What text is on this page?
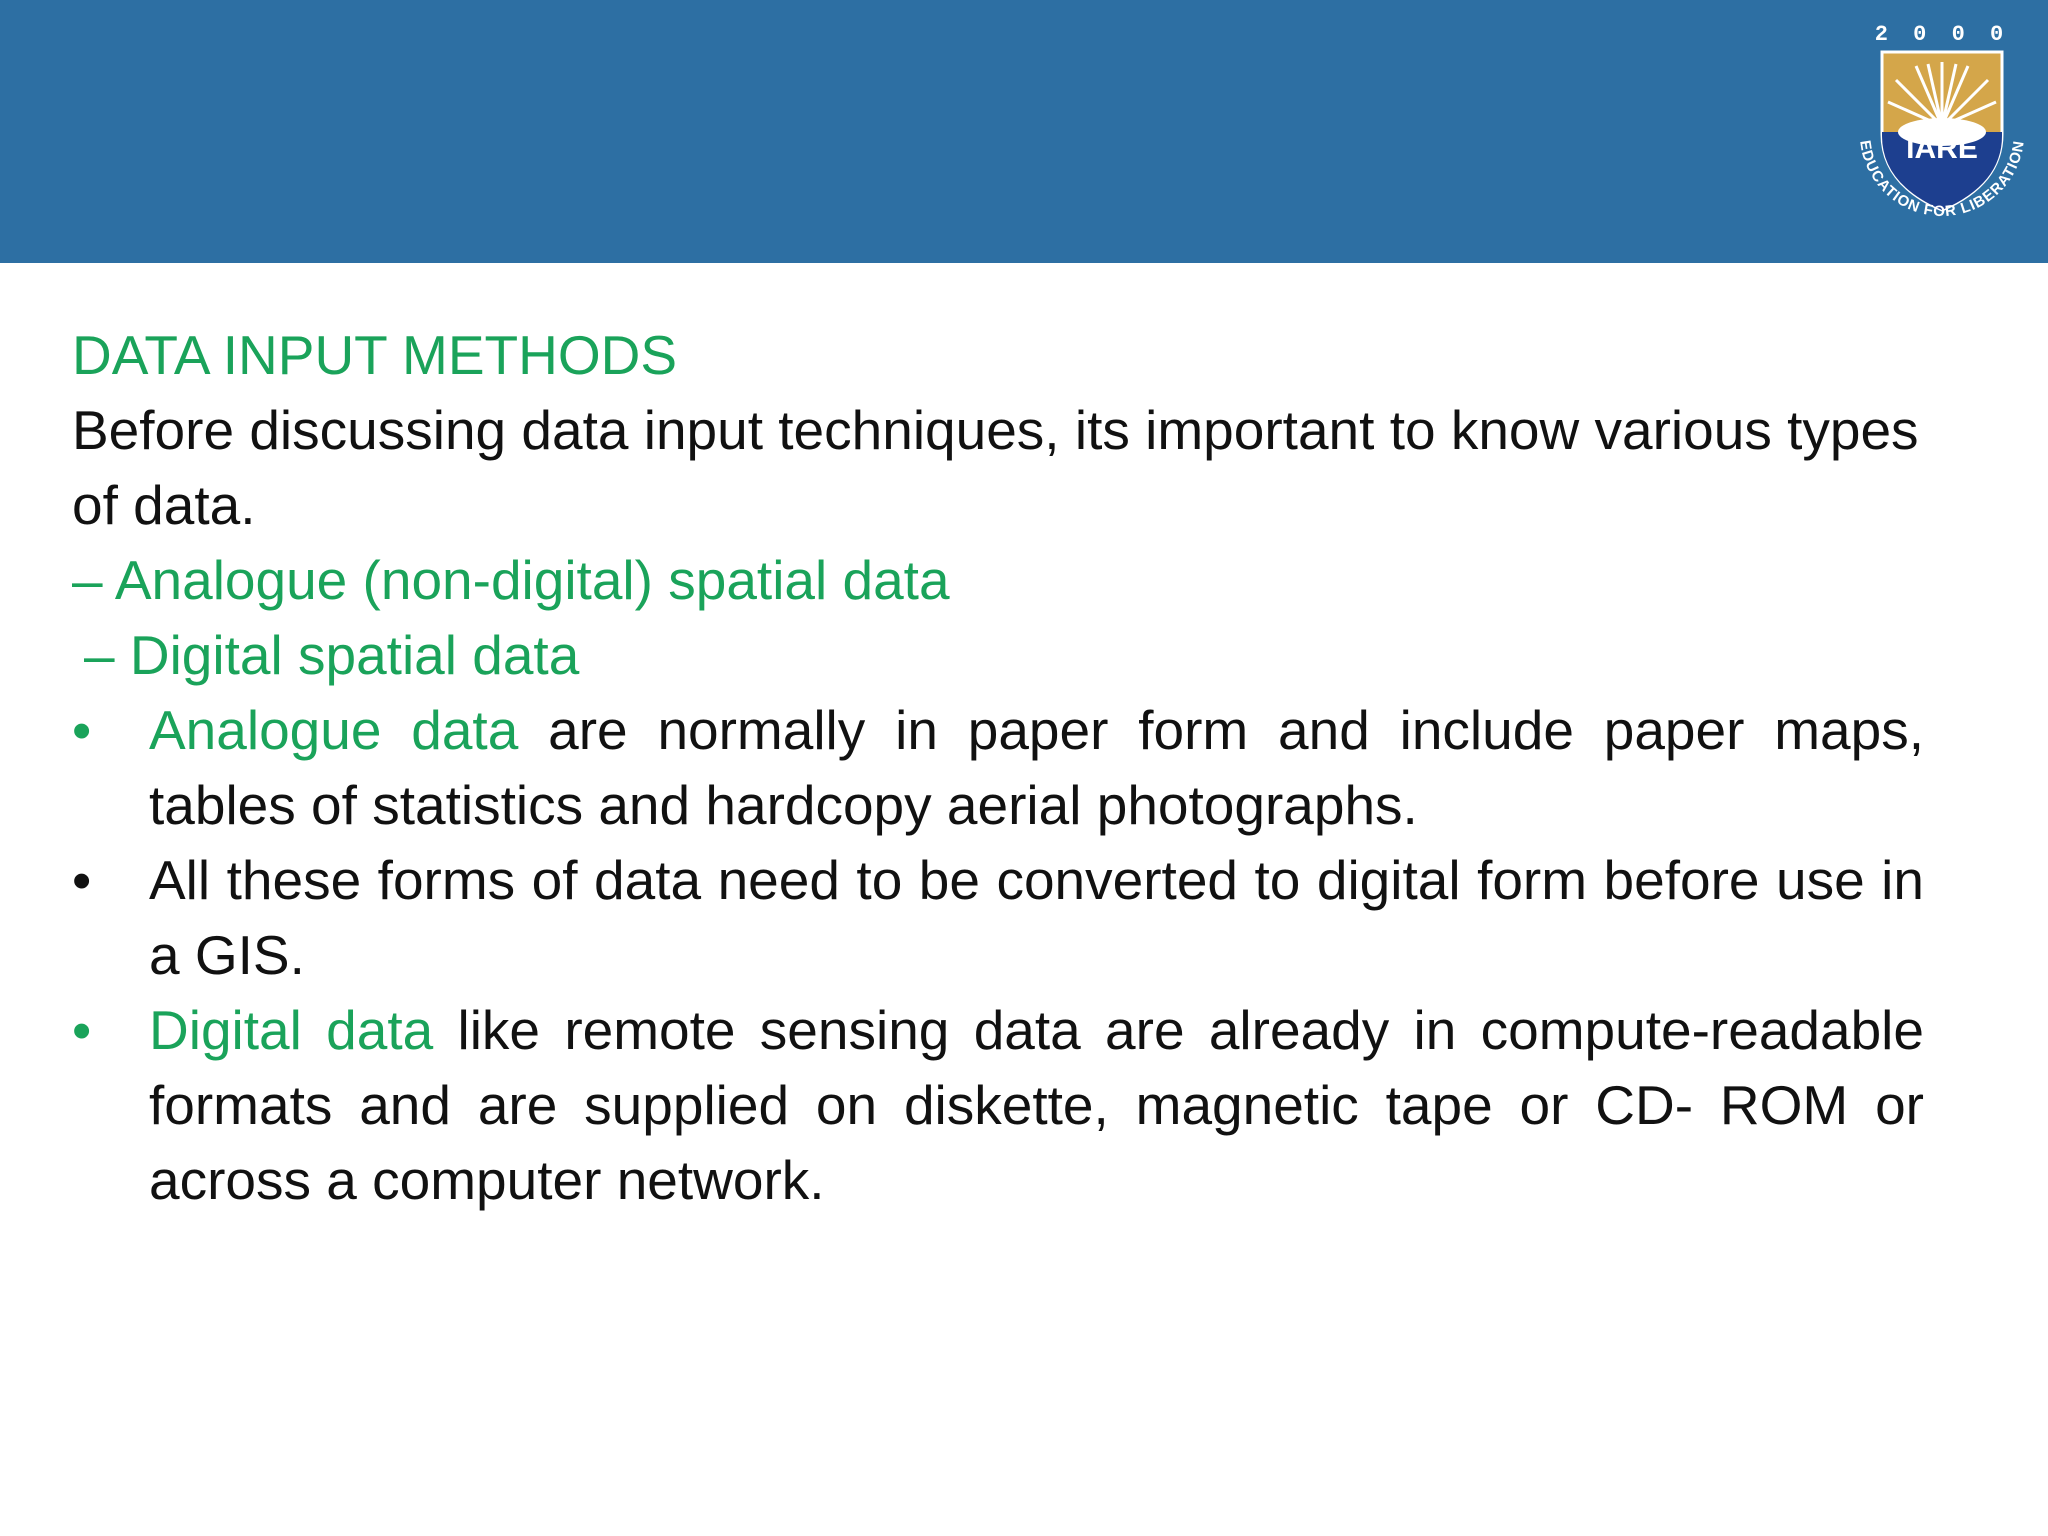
2 0 0 0
IARE
EDUCATION FOR LIBERATION
DATA INPUT METHODS

Before discussing data input techniques, its important to know various types of data.

– Analogue (non-digital) spatial data

– Digital spatial data

• Analogue data are normally in paper form and include paper maps, tables of statistics and hardcopy aerial photographs.
• All these forms of data need to be converted to digital form before use in a GIS.
• Digital data like remote sensing data are already in compute-readable formats and are supplied on diskette, magnetic tape or CD- ROM or across a computer network.
